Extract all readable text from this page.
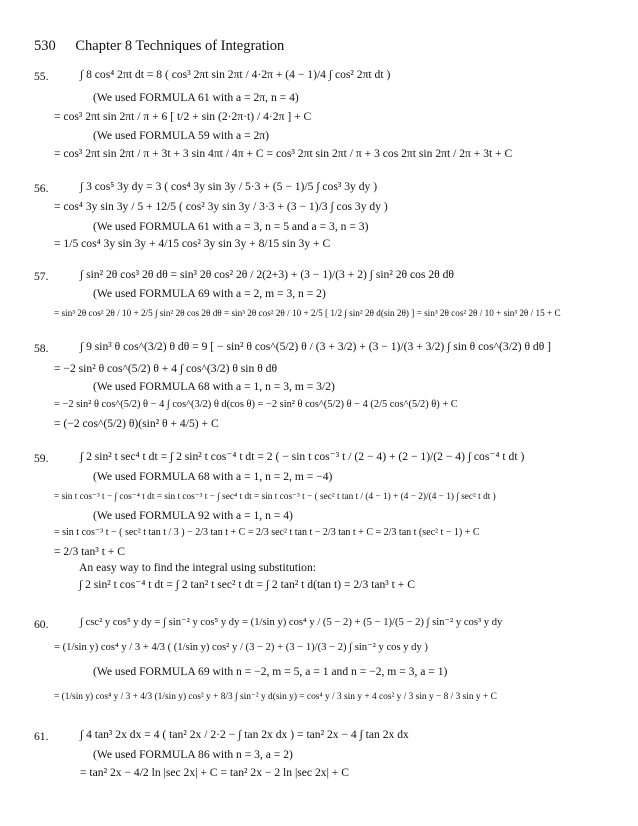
530 Chapter 8 Techniques of Integration
55.	∫ 8 cos⁴ 2πt dt = 8 ( cos³ 2πt sin 2πt / 4·2π + (4 − 1)/4 ∫ cos² 2πt dt )
(We used FORMULA 61 with a = 2π, n = 4)
= cos³ 2πt sin 2πt / π + 6 [ t/2 + sin (2·2π·t) / 4·2π ] + C
(We used FORMULA 59 with a = 2π)
= cos³ 2πt sin 2πt / π + 3t + 3 sin 4πt / 4π + C = cos³ 2πt sin 2πt / π + 3 cos 2πt sin 2πt / 2π + 3t + C
56.	∫ 3 cos⁵ 3y dy = 3 ( cos⁴ 3y sin 3y / 5·3 + (5 − 1)/5 ∫ cos³ 3y dy )
= cos⁴ 3y sin 3y / 5 + 12/5 ( cos² 3y sin 3y / 3·3 + (3 − 1)/3 ∫ cos 3y dy )
(We used FORMULA 61 with a = 3, n = 5 and a = 3, n = 3)
= 1/5 cos⁴ 3y sin 3y + 4/15 cos² 3y sin 3y + 8/15 sin 3y + C
57.	∫ sin² 2θ cos³ 2θ dθ = sin³ 2θ cos² 2θ / 2(2+3) + (3 − 1)/(3 + 2) ∫ sin² 2θ cos 2θ dθ
(We used FORMULA 69 with a = 2, m = 3, n = 2)
= sin³ 2θ cos² 2θ / 10 + 2/5 ∫ sin² 2θ cos 2θ dθ = sin³ 2θ cos² 2θ / 10 + 2/5 [ 1/2 ∫ sin² 2θ d(sin 2θ) ] = sin³ 2θ cos² 2θ / 10 + sin³ 2θ / 15 + C
58.	∫ 9 sin³ θ cos^(3/2) θ dθ = 9 [ − sin² θ cos^(5/2) θ / (3 + 3/2) + (3 − 1)/(3 + 3/2) ∫ sin θ cos^(3/2) θ dθ ]
= −2 sin² θ cos^(5/2) θ + 4 ∫ cos^(3/2) θ sin θ dθ
(We used FORMULA 68 with a = 1, n = 3, m = 3/2)
= −2 sin² θ cos^(5/2) θ − 4 ∫ cos^(3/2) θ d(cos θ) = −2 sin² θ cos^(5/2) θ − 4 (2/5 cos^(5/2) θ) + C
= (−2 cos^(5/2) θ)(sin² θ + 4/5) + C
59.	∫ 2 sin² t sec⁴ t dt = ∫ 2 sin² t cos⁻⁴ t dt = 2 ( − sin t cos⁻³ t / (2 − 4) + (2 − 1)/(2 − 4) ∫ cos⁻⁴ t dt )
(We used FORMULA 68 with a = 1, n = 2, m = −4)
= sin t cos⁻³ t − ∫ cos⁻⁴ t dt = sin t cos⁻³ t − ∫ sec⁴ t dt = sin t cos⁻³ t − ( sec² t tan t / (4 − 1) + (4 − 2)/(4 − 1) ∫ sec² t dt )
(We used FORMULA 92 with a = 1, n = 4)
= sin t cos⁻³ t − ( sec² t tan t / 3 ) − 2/3 tan t + C = 2/3 sec² t tan t − 2/3 tan t + C = 2/3 tan t (sec² t − 1) + C
= 2/3 tan³ t + C
An easy way to find the integral using substitution:
∫ 2 sin² t cos⁻⁴ t dt = ∫ 2 tan² t sec² t dt = ∫ 2 tan² t d(tan t) = 2/3 tan³ t + C
60.	∫ csc² y cos⁵ y dy = ∫ sin⁻² y cos⁵ y dy = (1/sin y) cos⁴ y / (5 − 2) + (5 − 1)/(5 − 2) ∫ sin⁻² y cos³ y dy
= (1/sin y) cos⁴ y / 3 + 4/3 ( (1/sin y) cos² y / (3 − 2) + (3 − 1)/(3 − 2) ∫ sin⁻² y cos y dy )
(We used FORMULA 69 with n = −2, m = 5, a = 1 and n = −2, m = 3, a = 1)
= (1/sin y) cos⁴ y / 3 + 4/3 (1/sin y) cos² y + 8/3 ∫ sin⁻² y d(sin y) = cos⁴ y / 3 sin y + 4 cos² y / 3 sin y − 8 / 3 sin y + C
61.	∫ 4 tan³ 2x dx = 4 ( tan² 2x / 2·2 − ∫ tan 2x dx ) = tan² 2x − 4 ∫ tan 2x dx
(We used FORMULA 86 with n = 3, a = 2)
= tan² 2x − 4/2 ln |sec 2x| + C = tan² 2x − 2 ln |sec 2x| + C
